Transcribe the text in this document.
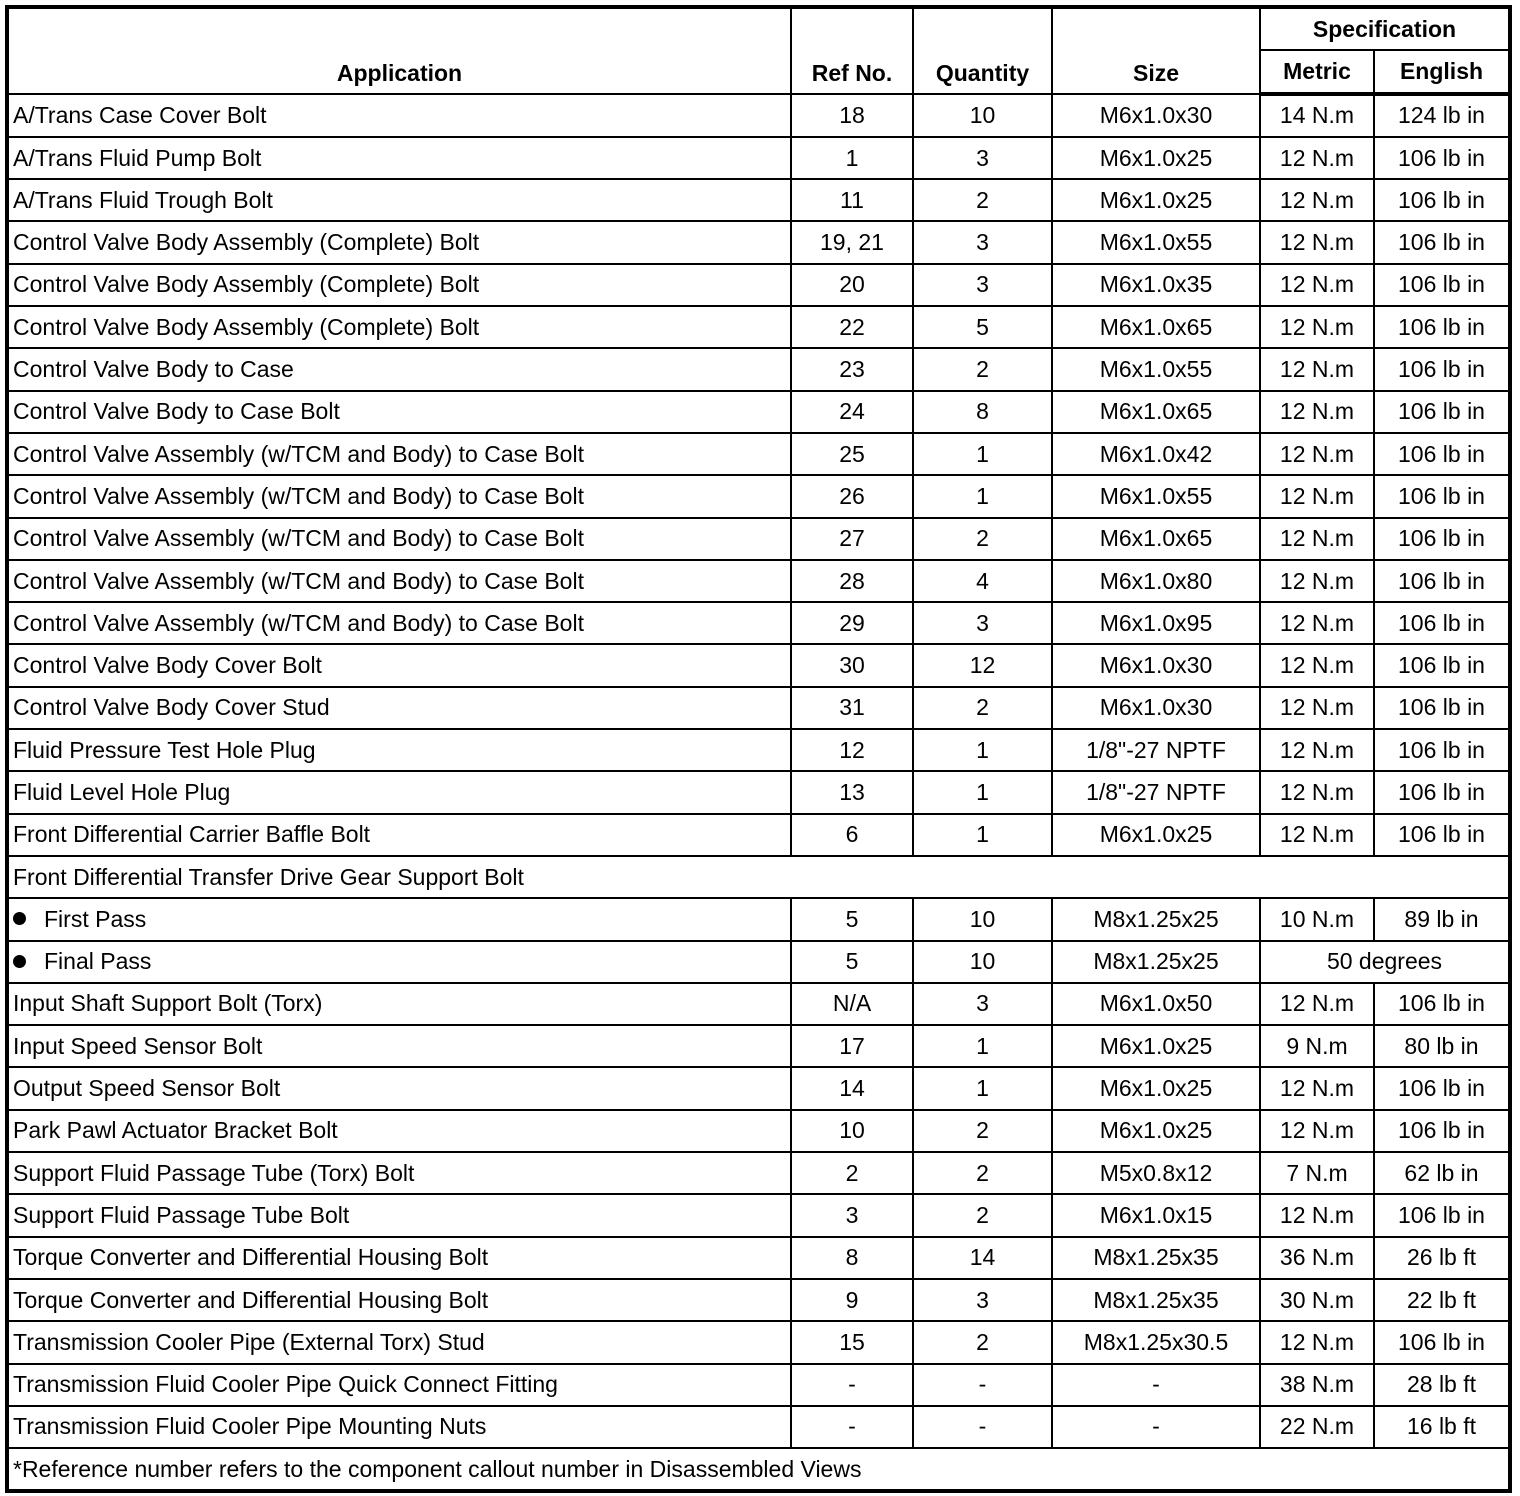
Application	Ref No.	Quantity	Size	Specification	
				Metric	English
A/Trans Case Cover Bolt	18	10	M6x1.0x30	14 N.m	124 lb in
A/Trans Fluid Pump Bolt	1	3	M6x1.0x25	12 N.m	106 lb in
A/Trans Fluid Trough Bolt	11	2	M6x1.0x25	12 N.m	106 lb in
Control Valve Body Assembly (Complete) Bolt	19, 21	3	M6x1.0x55	12 N.m	106 lb in
Control Valve Body Assembly (Complete) Bolt	20	3	M6x1.0x35	12 N.m	106 lb in
Control Valve Body Assembly (Complete) Bolt	22	5	M6x1.0x65	12 N.m	106 lb in
Control Valve Body to Case	23	2	M6x1.0x55	12 N.m	106 lb in
Control Valve Body to Case Bolt	24	8	M6x1.0x65	12 N.m	106 lb in
Control Valve Assembly (w/TCM and Body) to Case Bolt	25	1	M6x1.0x42	12 N.m	106 lb in
Control Valve Assembly (w/TCM and Body) to Case Bolt	26	1	M6x1.0x55	12 N.m	106 lb in
Control Valve Assembly (w/TCM and Body) to Case Bolt	27	2	M6x1.0x65	12 N.m	106 lb in
Control Valve Assembly (w/TCM and Body) to Case Bolt	28	4	M6x1.0x80	12 N.m	106 lb in
Control Valve Assembly (w/TCM and Body) to Case Bolt	29	3	M6x1.0x95	12 N.m	106 lb in
Control Valve Body Cover Bolt	30	12	M6x1.0x30	12 N.m	106 lb in
Control Valve Body Cover Stud	31	2	M6x1.0x30	12 N.m	106 lb in
Fluid Pressure Test Hole Plug	12	1	1/8"-27 NPTF	12 N.m	106 lb in
Fluid Level Hole Plug	13	1	1/8"-27 NPTF	12 N.m	106 lb in
Front Differential Carrier Baffle Bolt	6	1	M6x1.0x25	12 N.m	106 lb in
Front Differential Transfer Drive Gear Support Bolt					
First Pass	5	10	M8x1.25x25	10 N.m	89 lb in
Final Pass	5	10	M8x1.25x25	50 degrees	
Input Shaft Support Bolt (Torx)	N/A	3	M6x1.0x50	12 N.m	106 lb in
Input Speed Sensor Bolt	17	1	M6x1.0x25	9 N.m	80 lb in
Output Speed Sensor Bolt	14	1	M6x1.0x25	12 N.m	106 lb in
Park Pawl Actuator Bracket Bolt	10	2	M6x1.0x25	12 N.m	106 lb in
Support Fluid Passage Tube (Torx) Bolt	2	2	M5x0.8x12	7 N.m	62 lb in
Support Fluid Passage Tube Bolt	3	2	M6x1.0x15	12 N.m	106 lb in
Torque Converter and Differential Housing Bolt	8	14	M8x1.25x35	36 N.m	26 lb ft
Torque Converter and Differential Housing Bolt	9	3	M8x1.25x35	30 N.m	22 lb ft
Transmission Cooler Pipe (External Torx) Stud	15	2	M8x1.25x30.5	12 N.m	106 lb in
Transmission Fluid Cooler Pipe Quick Connect Fitting	-	-	-	38 N.m	28 lb ft
Transmission Fluid Cooler Pipe Mounting Nuts	-	-	-	22 N.m	16 lb ft
*Reference number refers to the component callout number in Disassembled Views					
